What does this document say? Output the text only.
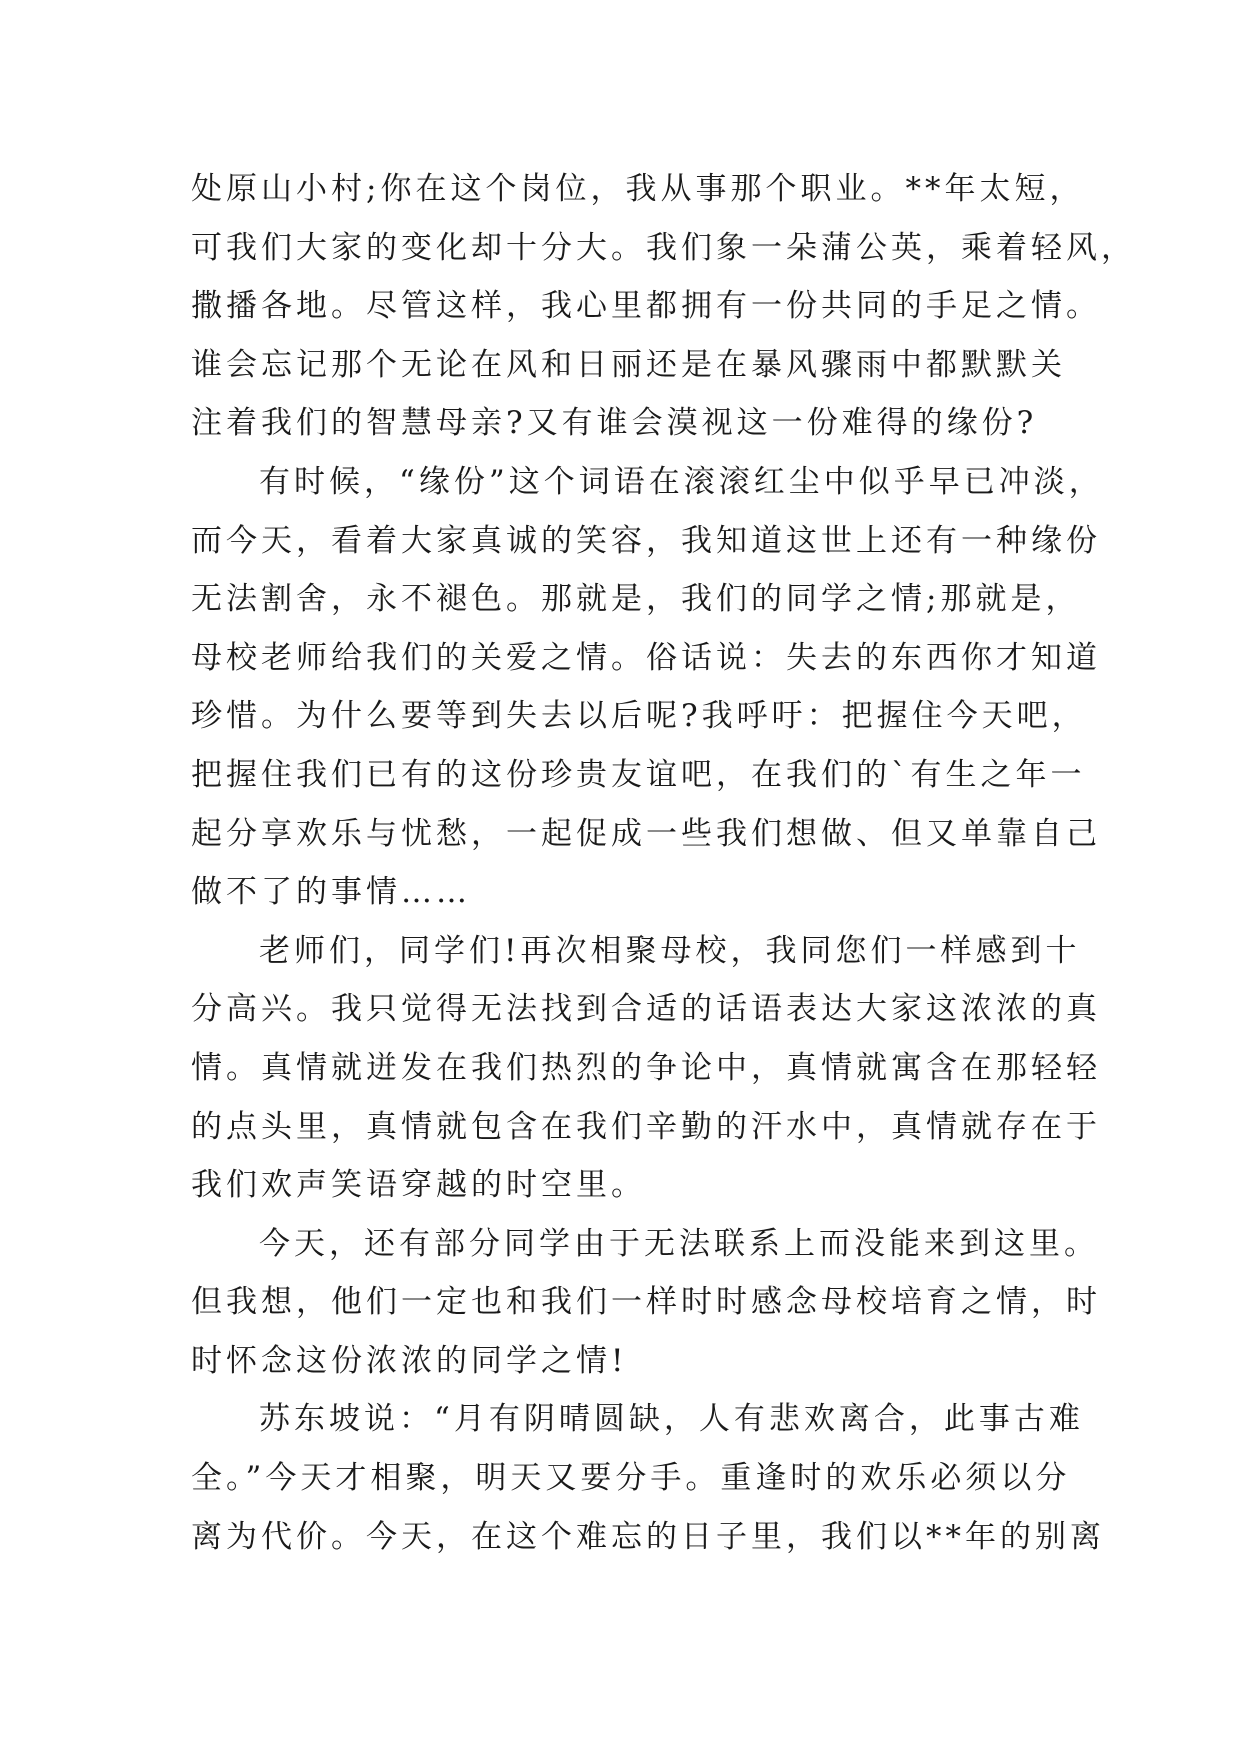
处原山小村;你在这个岗位，我从事那个职业。**年太短，
可我们大家的变化却十分大。我们象一朵蒲公英，乘着轻风，
撒播各地。尽管这样，我心里都拥有一份共同的手足之情。
谁会忘记那个无论在风和日丽还是在暴风骤雨中都默默关
注着我们的智慧母亲?又有谁会漠视这一份难得的缘份?
有时候，“缘份”这个词语在滚滚红尘中似乎早已冲淡，
而今天，看着大家真诚的笑容，我知道这世上还有一种缘份
无法割舍，永不褪色。那就是，我们的同学之情;那就是，
母校老师给我们的关爱之情。俗话说：失去的东西你才知道
珍惜。为什么要等到失去以后呢?我呼吁：把握住今天吧，
把握住我们已有的这份珍贵友谊吧，在我们的`有生之年一
起分享欢乐与忧愁，一起促成一些我们想做、但又单靠自己
做不了的事情……
老师们，同学们!再次相聚母校，我同您们一样感到十
分高兴。我只觉得无法找到合适的话语表达大家这浓浓的真
情。真情就迸发在我们热烈的争论中，真情就寓含在那轻轻
的点头里，真情就包含在我们辛勤的汗水中，真情就存在于
我们欢声笑语穿越的时空里。
今天，还有部分同学由于无法联系上而没能来到这里。
但我想，他们一定也和我们一样时时感念母校培育之情，时
时怀念这份浓浓的同学之情!
苏东坡说：“月有阴晴圆缺，人有悲欢离合，此事古难
全。”今天才相聚，明天又要分手。重逢时的欢乐必须以分
离为代价。今天，在这个难忘的日子里，我们以**年的别离
